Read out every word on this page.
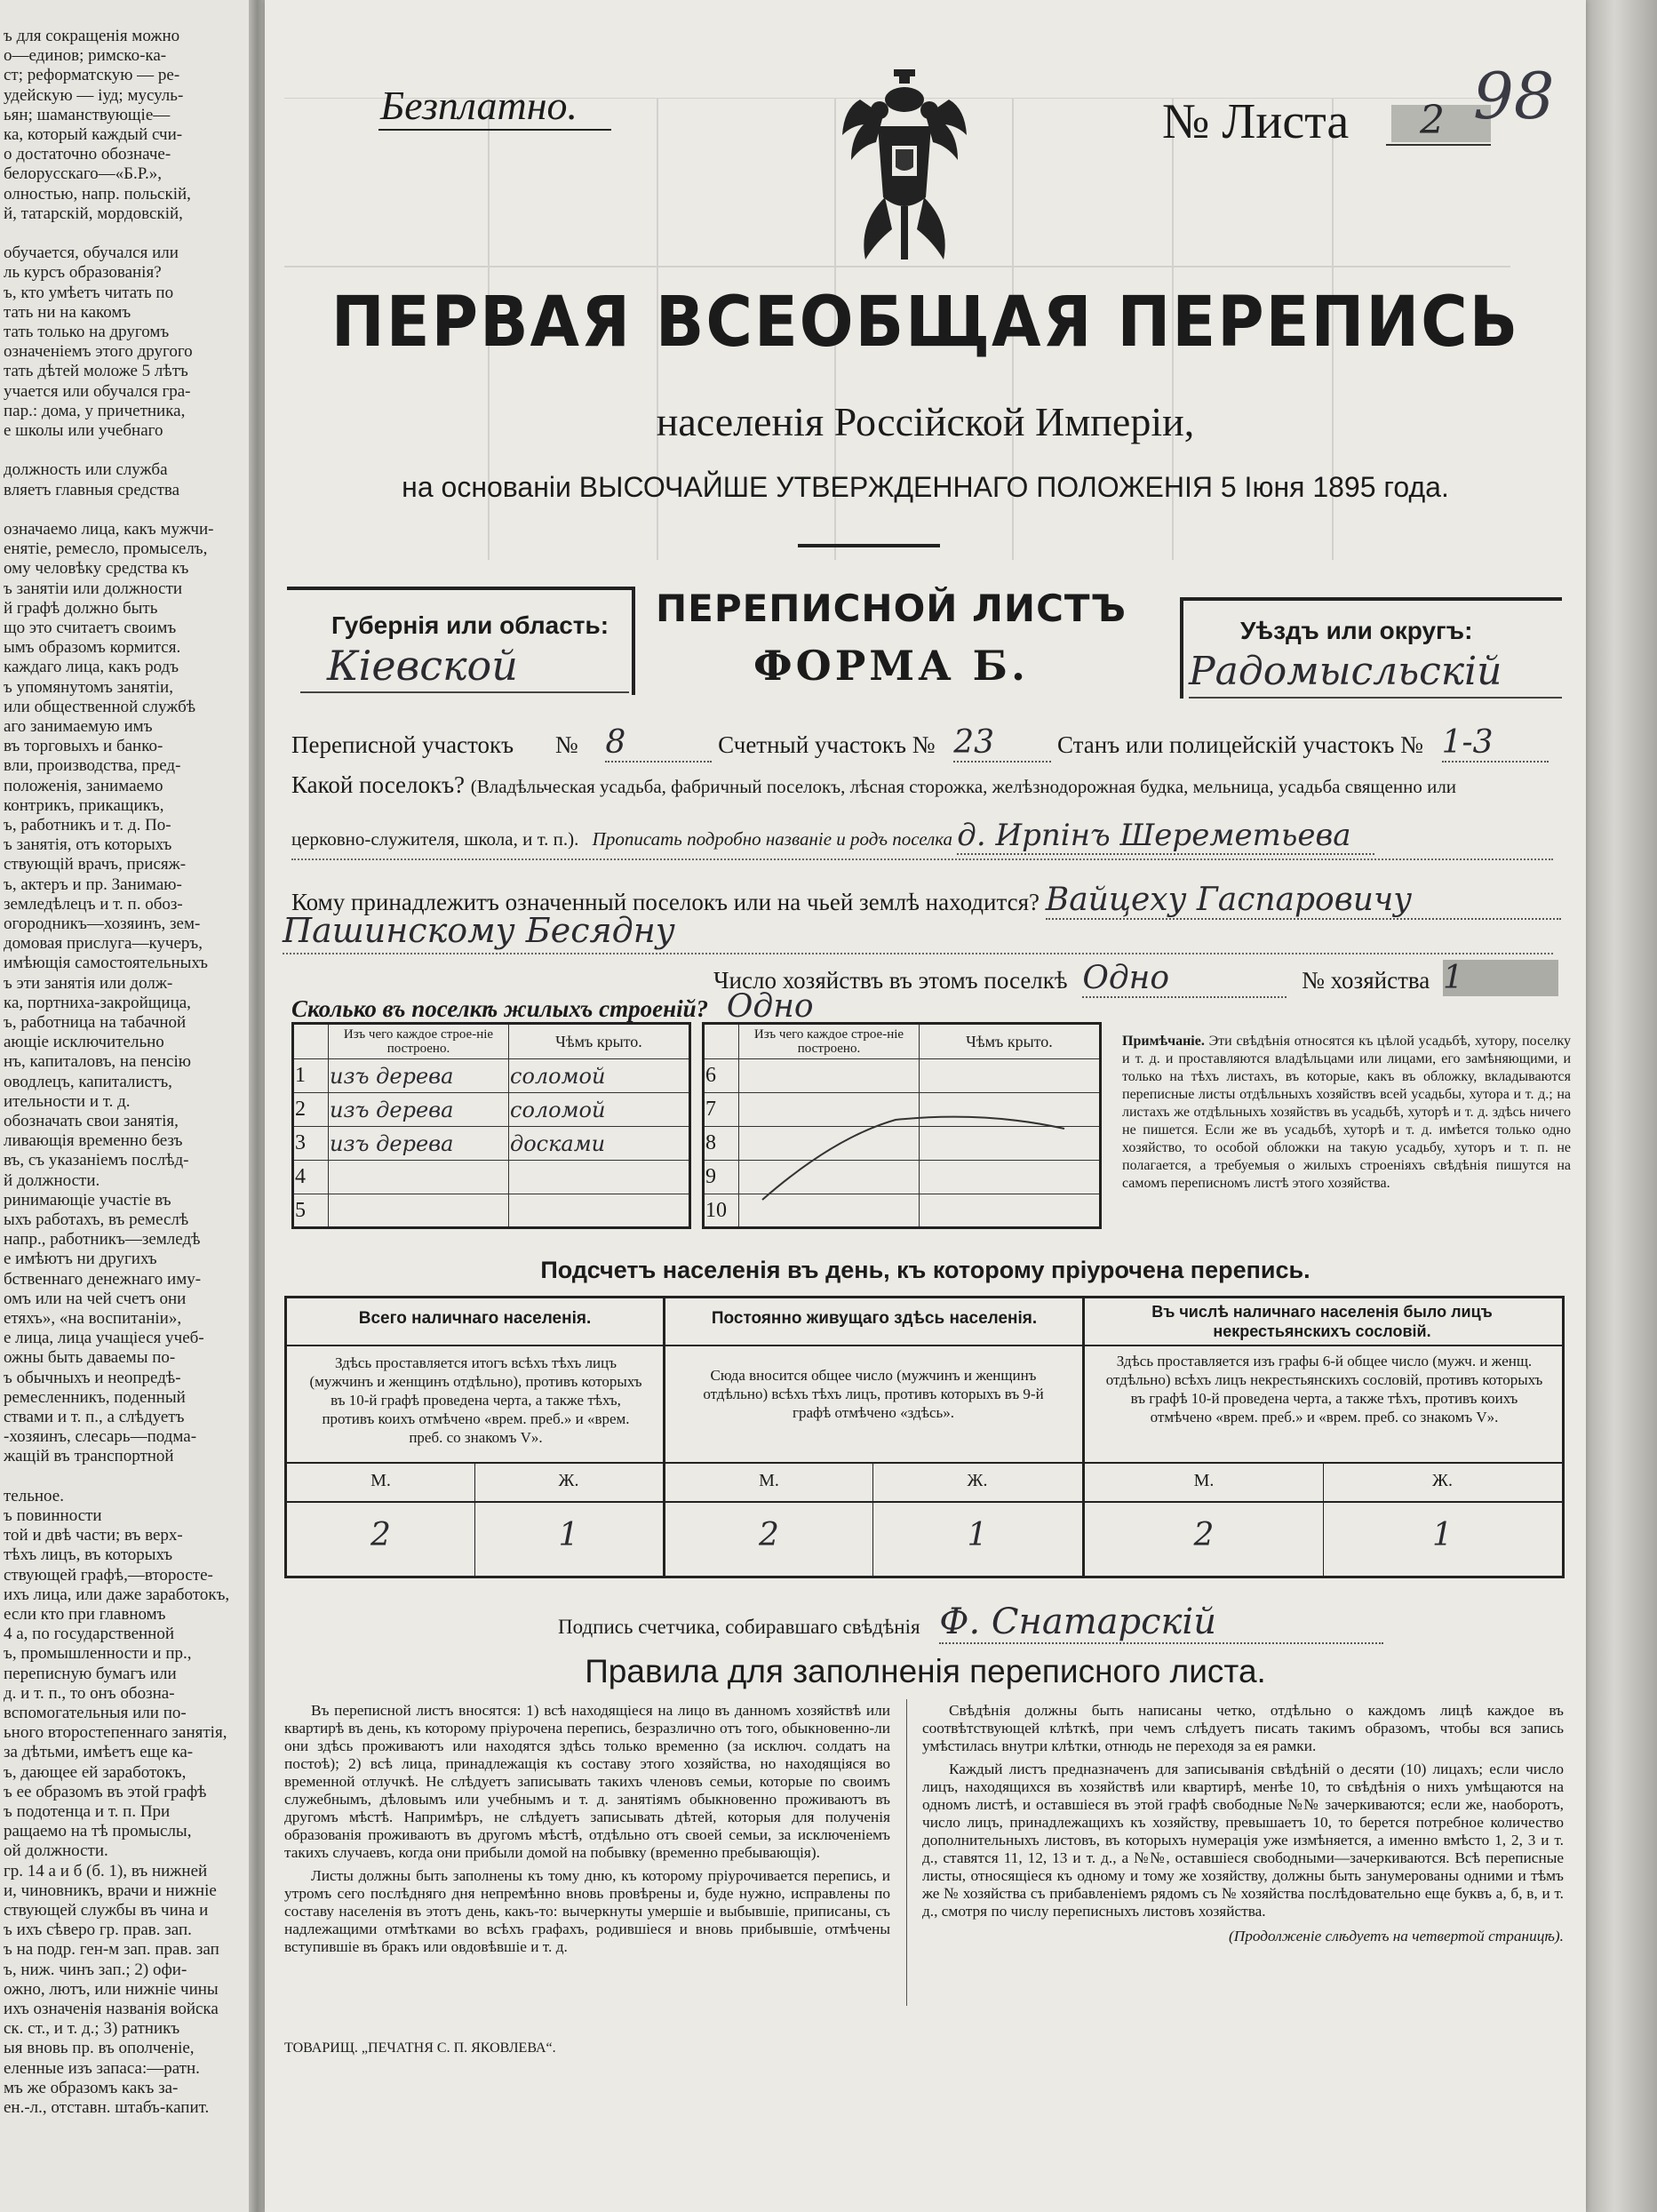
ъ для сокращенiя можно
о—единов; римско-ка-
ст; реформатскую — ре-
удейскую — iуд; мусуль-
ьян; шаманствующiе—
ка, который каждый счи-
о достаточно обозначе-
белорусскаго—«Б.Р.»,
олностью, напр. польскiй,
й, татарскiй, мордовскiй,
обучается, обучался или
ль курсъ образованiя?
ъ, кто умѣетъ читать по
тать ни на какомъ
тать только на другомъ
означенiемъ этого другого
тать дѣтей моложе 5 лѣтъ
учается или обучался гра-
пар.: дома, у причетника,
е школы или учебнаго
должность или служба
вляетъ главныя средства
означаемо лица, какъ мужчи-
енятiе, ремесло, промыселъ,
ому человѣку средства къ
ъ занятiи или должности
й графѣ должно быть
що это считаетъ своимъ
ымъ образомъ кормится.
каждаго лица, какъ родъ
ъ упомянутомъ занятiи,
или общественной службѣ
аго занимаемую имъ
въ торговыхъ и банко-
вли, производства, пред-
положенiя, занимаемо
контрикъ, прикащикъ,
ъ, работникъ и т. д. По-
ъ занятiя, отъ которыхъ
ствующiй врачъ, присяж-
ъ, актеръ и пр. Занимаю-
земледѣлецъ и т. п. обоз-
огородникъ—хозяинъ, зем-
домовая прислуга—кучеръ,
имѣющiя самостоятельныхъ
ъ эти занятiя или долж-
ка, портниха-закройщица,
ъ, работница на табачной
ающiе исключительно
нъ, капиталовъ, на пенсiю
оводлецъ, капиталистъ,
ительности и т. д.
обозначать свои занятiя,
ливающiя временно безъ
въ, съ указанiемъ послѣд-
й должности.
ринимающiе участiе въ
ыхъ работахъ, въ ремеслѣ
напр., работникъ—земледѣ
е имѣютъ ни другихъ
бственнаго денежнаго иму-
омъ или на чей счетъ они
етяхъ», «на воспитанiи»,
е лица, лица учащiеся учеб-
ожны быть даваемы по-
ъ обычныхъ и неопредѣ-
ремесленникъ, поденный
ствами и т. п., а слѣдуетъ
-хозяинъ, слесарь—подма-
жащiй въ транспортной
тельное.
ъ повинности
той и двѣ части; въ верх-
тѣхъ лицъ, въ которыхъ
ствующей графѣ,—второсте-
ихъ лица, или даже заработокъ,
если кто при главномъ
4 а, по государственной
ъ, промышленности и пр.,
переписную бумагъ или
д. и т. п., то онъ обозна-
вспомогательныя или по-
ьного второстепеннаго занятiя,
за дѣтьми, имѣетъ еще ка-
ъ, дающее ей заработокъ,
ъ ее образомъ въ этой графѣ
ъ подотенца и т. п. При
ращаемо на тѣ промыслы,
ой должности.
гр. 14 а и б (б. 1), въ нижней
и, чиновникъ, врачи и нижнiе
ствующей службы въ чина и
ъ ихъ сѣверо гр. прав. зап.
ъ на подр. ген-м зап. прав. зап
ъ, ниж. чинъ зап.; 2) офи-
ожно, лютъ, или нижнiе чины
ихъ означенiя названiя войска
ск. ст., и т. д.; 3) ратникъ
ыя вновь пр. въ ополченiе,
еленные изъ запаса:—ратн.
мъ же образомъ какъ за-
ен.-л., отставн. штабъ-капит.
Безплатно.	№ Листа 2 98
ПЕРВАЯ ВСЕОБЩАЯ ПЕРЕПИСЬ
населенiя Россiйской Имперiи,
на основанiи ВЫСОЧАЙШЕ УТВЕРЖДЕННАГО ПОЛОЖЕНIЯ 5 Iюня 1895 года.
Губернiя или область:
Кiевской
ПЕРЕПИСНОЙ ЛИСТЪ
ФОРМА Б.
Уѣздъ или округъ:
Радомысльскiй
Переписной участокъ № 8	Счетный участокъ № 23	Станъ или полицейскiй участокъ № 1-3
Какой поселокъ? (Владѣльческая усадьба, фабричный поселокъ, лѣсная сторожка, желѣзнодорожная будка, мельница, усадьба священно или
церковно-служителя, школа, и т. п.). Прописать подробно названiе и родъ поселка д. Ирпiнъ Шереметьева
Кому принадлежитъ означенный поселокъ или на чьей землѣ находится? Вайцеху Гаспаровичу
Пашинскому Бесядну
Число хозяйствъ въ этомъ поселкѣ Одно	№ хозяйства 1
Сколько въ поселкѣ жилыхъ строенiй? Одно
	Изъ чего каждое строе-нiе построено.	Чѣмъ крыто.
1	изъ дерева	соломой
2	изъ дерева	соломой
3	изъ дерева	досками
4		
5		
	Изъ чего каждое строе-нiе построено.	Чѣмъ крыто.
6		
7		
8		
9		
10		
Примѣчанiе. Эти свѣдѣнiя относятся къ цѣлой усадьбѣ, хутору, поселку и т. д. и проставляются владѣльцами или лицами, его замѣняющими, и только на тѣхъ листахъ, въ которые, какъ въ обложку, вкладываются переписные листы отдѣльныхъ хозяйствъ всей усадьбы, хутора и т. д.; на листахъ же отдѣльныхъ хозяйствъ въ усадьбѣ, хуторѣ и т. д. здѣсь ничего не пишется. Если же въ усадьбѣ, хуторѣ и т. д. имѣется только одно хозяйство, то особой обложки на такую усадьбу, хуторъ и т. п. не полагается, а требуемыя о жилыхъ строенiяхъ свѣдѣнiя пишутся на самомъ переписномъ листѣ этого хозяйства.
Подсчетъ населенiя въ день, къ которому прiурочена перепись.
Всего наличнаго населенiя.	Постоянно живущаго здѣсь населенiя.	Въ числѣ наличнаго населенiя было лицъ некрестьянскихъ сословiй.
Здѣсь проставляется итогъ всѣхъ тѣхъ лицъ (мужчинъ и женщинъ отдѣльно), противъ которыхъ въ 10-й графѣ проведена черта, а также тѣхъ, противъ коихъ отмѣчено «врем. преб.» и «врем. преб. со знакомъ V».
Сюда вносится общее число (мужчинъ и женщинъ отдѣльно) всѣхъ тѣхъ лицъ, противъ которыхъ въ 9-й графѣ отмѣчено «здѣсь».
Здѣсь проставляется изъ графы 6-й общее число (мужч. и женщ. отдѣльно) всѣхъ лицъ некрестьянскихъ сословiй, противъ которыхъ въ графѣ 10-й проведена черта, а также тѣхъ, противъ коихъ отмѣчено «врем. преб.» и «врем. преб. со знакомъ V».
М.	Ж.	М.	Ж.	М.	Ж.
2	1	2	1	2	1
Подпись счетчика, собиравшаго свѣдѣнiя Ф. Снатарскiй
Правила для заполненiя переписного листа.

Въ переписной листъ вносятся: 1) всѣ находящiеся на лицо въ данномъ хозяйствѣ или квартирѣ въ день, къ которому прiурочена перепись, безразлично отъ того, обыкновенно-ли они здѣсь проживаютъ или находятся здѣсь только временно (за исключ. солдатъ на постоѣ); 2) всѣ лица, принадлежащiя къ составу этого хозяйства, но находящiяся во временной отлучкѣ. Не слѣдуетъ записывать такихъ членовъ семьи, которые по своимъ служебнымъ, дѣловымъ или учебнымъ и т. д. занятiямъ обыкновенно проживаютъ въ другомъ мѣстѣ. Напримѣръ, не слѣдуетъ записывать дѣтей, которыя для полученiя образованiя проживаютъ въ другомъ мѣстѣ, отдѣльно отъ своей семьи, за исключенiемъ такихъ случаевъ, когда они прибыли домой на побывку (временно пребывающiя).

Листы должны быть заполнены къ тому дню, къ которому прiурочивается перепись, и утромъ сего послѣдняго дня непремѣнно вновь провѣрены и, буде нужно, исправлены по составу населенiя въ этотъ день, какъ-то: вычеркнуты умершiе и выбывшiе, приписаны, съ надлежащими отмѣтками во всѣхъ графахъ, родившiеся и вновь прибывшiе, отмѣчены вступившiе въ бракъ или овдовѣвшiе и т. д.

Свѣдѣнiя должны быть написаны четко, отдѣльно о каждомъ лицѣ каждое въ соотвѣтствующей клѣткѣ, при чемъ слѣдуетъ писать такимъ образомъ, чтобы вся запись умѣстилась внутри клѣтки, отнюдь не переходя за ея рамки.

Каждый листъ предназначенъ для записыванiя свѣдѣнiй о десяти (10) лицахъ; если число лицъ, находящихся въ хозяйствѣ или квартирѣ, менѣе 10, то свѣдѣнiя о нихъ умѣщаются на одномъ листѣ, и оставшiеся въ этой графѣ свободные №№ зачеркиваются; если же, наоборотъ, число лицъ, принадлежащихъ къ хозяйству, превышаетъ 10, то берется потребное количество дополнительныхъ листовъ, въ которыхъ нумерацiя уже измѣняется, а именно вмѣсто 1, 2, 3 и т. д., ставятся 11, 12, 13 и т. д., а №№, оставшiеся свободными—зачеркиваются. Всѣ переписные листы, относящiеся къ одному и тому же хозяйству, должны быть занумерованы одними и тѣмъ же № хозяйства съ прибавленiемъ рядомъ съ № хозяйства послѣдовательно еще буквъ а, б, в, и т. д., смотря по числу переписныхъ листовъ хозяйства.

(Продолженiе слѣдуетъ на четвертой страницѣ).

ТОВАРИЩ. „ПЕЧАТНЯ С. П. ЯКОВЛЕВА“.
